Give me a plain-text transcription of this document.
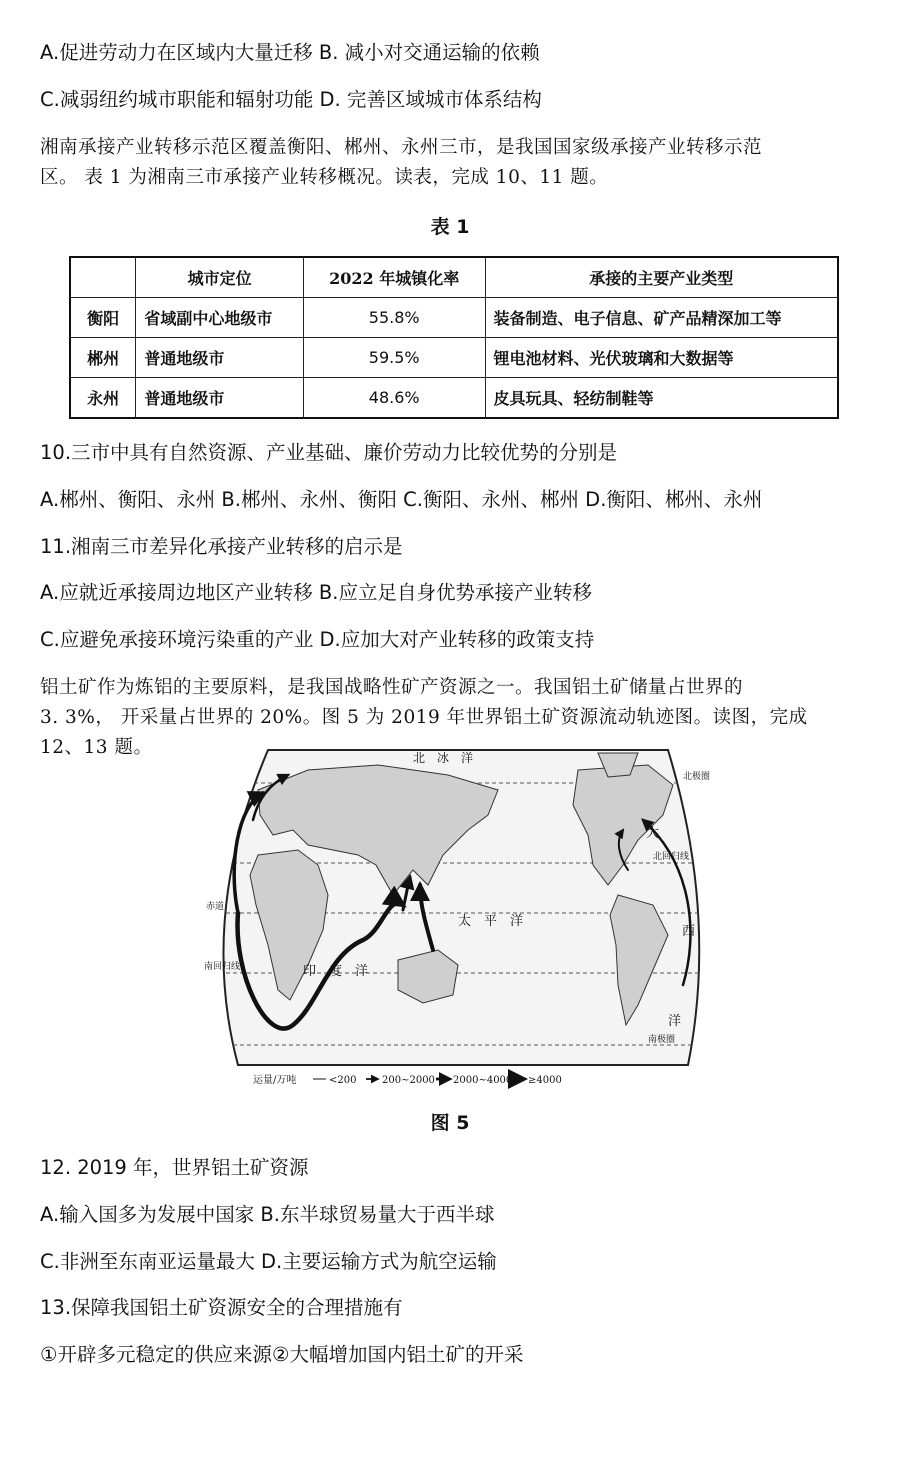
A.促进劳动力在区域内大量迁移 B. 减小对交通运输的依赖
C.减弱纽约城市职能和辐射功能 D. 完善区域城市体系结构
湘南承接产业转移示范区覆盖衡阳、郴州、永州三市，是我国国家级承接产业转移示范
区。 表 1 为湘南三市承接产业转移概况。读表，完成 10、11 题。
表 1
	城市定位	2022 年城镇化率	承接的主要产业类型
衡阳	省域副中心地级市	55.8%	装备制造、电子信息、矿产品精深加工等
郴州	普通地级市	59.5%	锂电池材料、光伏玻璃和大数据等
永州	普通地级市	48.6%	皮具玩具、轻纺制鞋等
10.三市中具有自然资源、产业基础、廉价劳动力比较优势的分别是
A.郴州、衡阳、永州 B.郴州、永州、衡阳 C.衡阳、永州、郴州 D.衡阳、郴州、永州
11.湘南三市差异化承接产业转移的启示是
A.应就近承接周边地区产业转移 B.应立足自身优势承接产业转移
C.应避免承接环境污染重的产业 D.应加大对产业转移的政策支持
铝土矿作为炼铝的主要原料，是我国战略性矿产资源之一。我国铝土矿储量占世界的
3. 3%， 开采量占世界的 20%。图 5 为 2019 年世界铝土矿资源流动轨迹图。读图，完成
12、13 题。	北　冰　洋
太　平　洋
印　度　洋
大
西
洋
北极圈
北回归线
赤道
南回归线
南极圈
运量/万吨	<200	200~2000 2000~4000 ≥4000
图 5
12. 2019 年，世界铝土矿资源
A.输入国多为发展中国家 B.东半球贸易量大于西半球
C.非洲至东南亚运量最大 D.主要运输方式为航空运输
13.保障我国铝土矿资源安全的合理措施有
①开辟多元稳定的供应来源②大幅增加国内铝土矿的开采
